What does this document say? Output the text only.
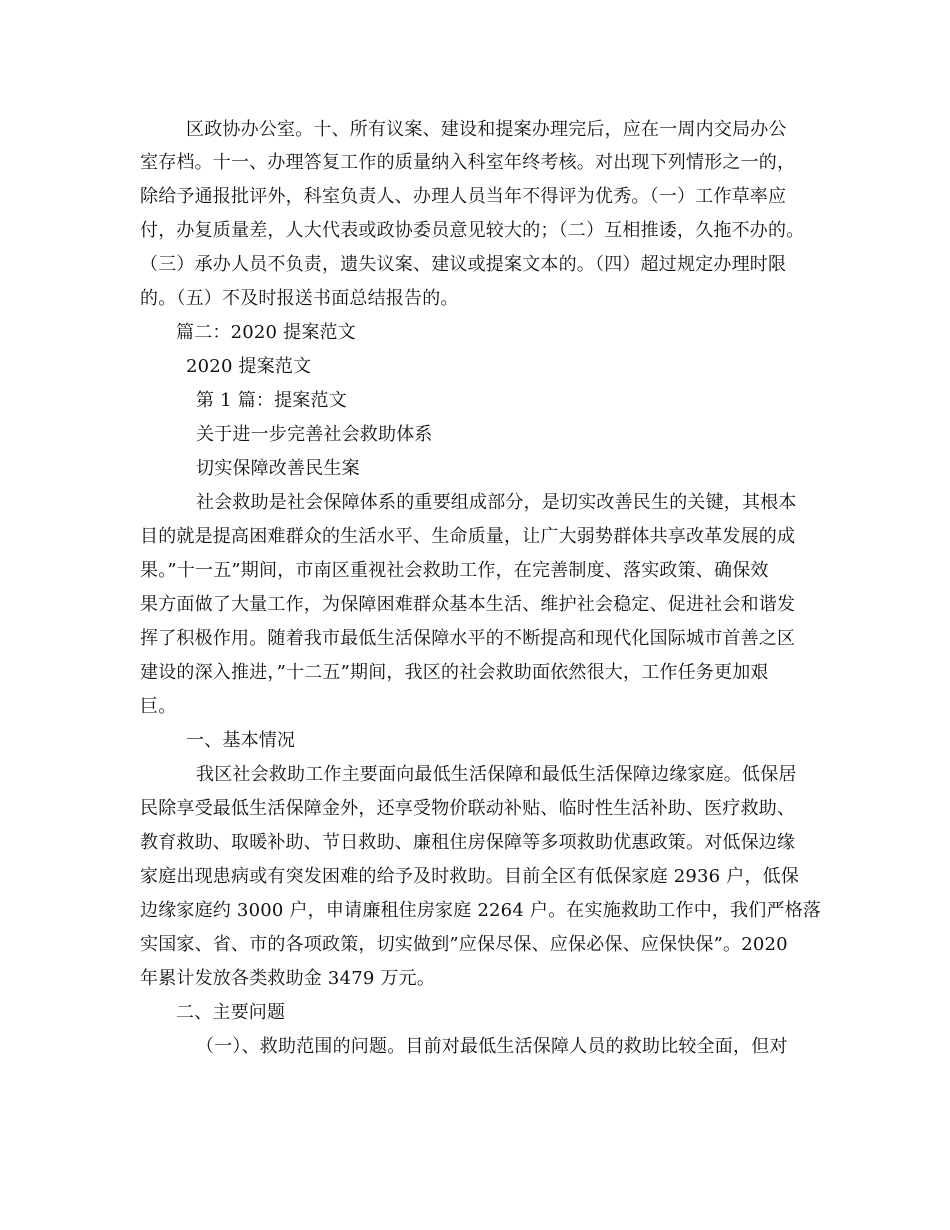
区政协办公室。十、所有议案、建设和提案办理完后，应在一周内交局办公
室存档。十一、办理答复工作的质量纳入科室年终考核。对出现下列情形之一的，
除给予通报批评外，科室负责人、办理人员当年不得评为优秀。（一）工作草率应
付，办复质量差，人大代表或政协委员意见较大的；（二）互相推诿，久拖不办的。
（三）承办人员不负责，遗失议案、建议或提案文本的。（四）超过规定办理时限
的。（五）不及时报送书面总结报告的。
篇二：2020 提案范文
2020 提案范文
第 1 篇：提案范文
关于进一步完善社会救助体系
切实保障改善民生案
社会救助是社会保障体系的重要组成部分，是切实改善民生的关键，其根本
目的就是提高困难群众的生活水平、生命质量，让广大弱势群体共享改革发展的成
果。”十一五”期间，市南区重视社会救助工作，在完善制度、落实政策、确保效
果方面做了大量工作，为保障困难群众基本生活、维护社会稳定、促进社会和谐发
挥了积极作用。随着我市最低生活保障水平的不断提高和现代化国际城市首善之区
建设的深入推进，”十二五”期间，我区的社会救助面依然很大，工作任务更加艰
巨。
一、基本情况
我区社会救助工作主要面向最低生活保障和最低生活保障边缘家庭。低保居
民除享受最低生活保障金外，还享受物价联动补贴、临时性生活补助、医疗救助、
教育救助、取暖补助、节日救助、廉租住房保障等多项救助优惠政策。对低保边缘
家庭出现患病或有突发困难的给予及时救助。目前全区有低保家庭 2936 户，低保
边缘家庭约 3000 户，申请廉租住房家庭 2264 户。在实施救助工作中，我们严格落
实国家、省、市的各项政策，切实做到”应保尽保、应保必保、应保快保”。2020
年累计发放各类救助金 3479 万元。
二、主要问题
（一）、救助范围的问题。目前对最低生活保障人员的救助比较全面，但对
